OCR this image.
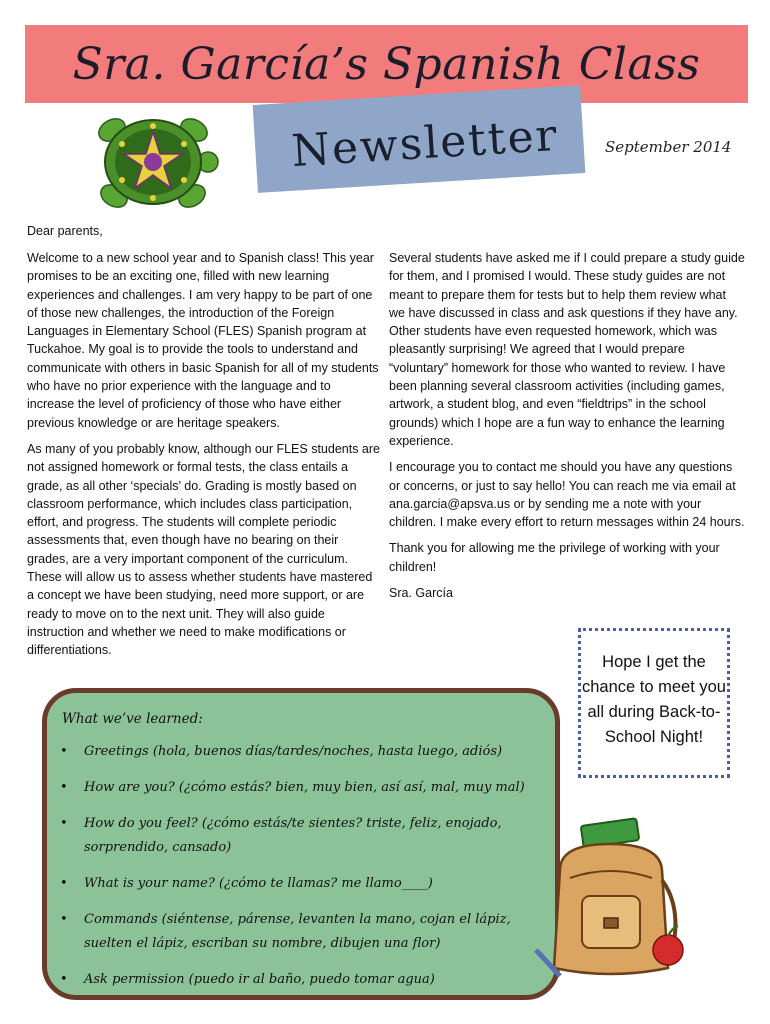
Sra. García’s Spanish Class
Newsletter	September 2014
Dear parents,

Welcome to a new school year and to Spanish class! This year promises to be an exciting one, filled with new learning experiences and challenges. I am very happy to be part of one of those new challenges, the introduction of the Foreign Languages in Elementary School (FLES) Spanish program at Tuckahoe. My goal is to provide the tools to understand and communicate with others in basic Spanish for all of my students who have no prior experience with the language and to increase the level of proficiency of those who have either previous knowledge or are heritage speakers.

As many of you probably know, although our FLES students are not assigned homework or formal tests, the class entails a grade, as all other ‘specials’ do. Grading is mostly based on classroom performance, which includes class participation, effort, and progress. The students will complete periodic assessments that, even though have no bearing on their grades, are a very important component of the curriculum. These will allow us to assess whether students have mastered a concept we have been studying, need more support, or are ready to move on to the next unit. They will also guide instruction and whether we need to make modifications or differentiations.

Several students have asked me if I could prepare a study guide for them, and I promised I would. These study guides are not meant to prepare them for tests but to help them review what we have discussed in class and ask questions if they have any. Other students have even requested homework, which was pleasantly surprising! We agreed that I would prepare “voluntary” homework for those who wanted to review. I have been planning several classroom activities (including games, artwork, a student blog, and even “fieldtrips” in the school grounds) which I hope are a fun way to enhance the learning experience.

I encourage you to contact me should you have any questions or concerns, or just to say hello! You can reach me via email at ana.garcia@apsva.us or by sending me a note with your children. I make every effort to return messages within 24 hours.

Thank you for allowing me the privilege of working with your children!

Sra. García

Hope I get the chance to meet you all during Back-to-School Night!
What we’ve learned:
• Greetings (hola, buenos días/tardes/noches, hasta luego, adiós)
• How are you? (¿cómo estás? bien, muy bien, así así, mal, muy mal)
• How do you feel? (¿cómo estás/te sientes? triste, feliz, enojado, sorprendido, cansado)
• What is your name? (¿cómo te llamas? me llamo____)
• Commands (siéntense, párense, levanten la mano, cojan el lápiz, suelten el lápiz, escriban su nombre, dibujen una flor)
• Ask permission (puedo ir al baño, puedo tomar agua)
